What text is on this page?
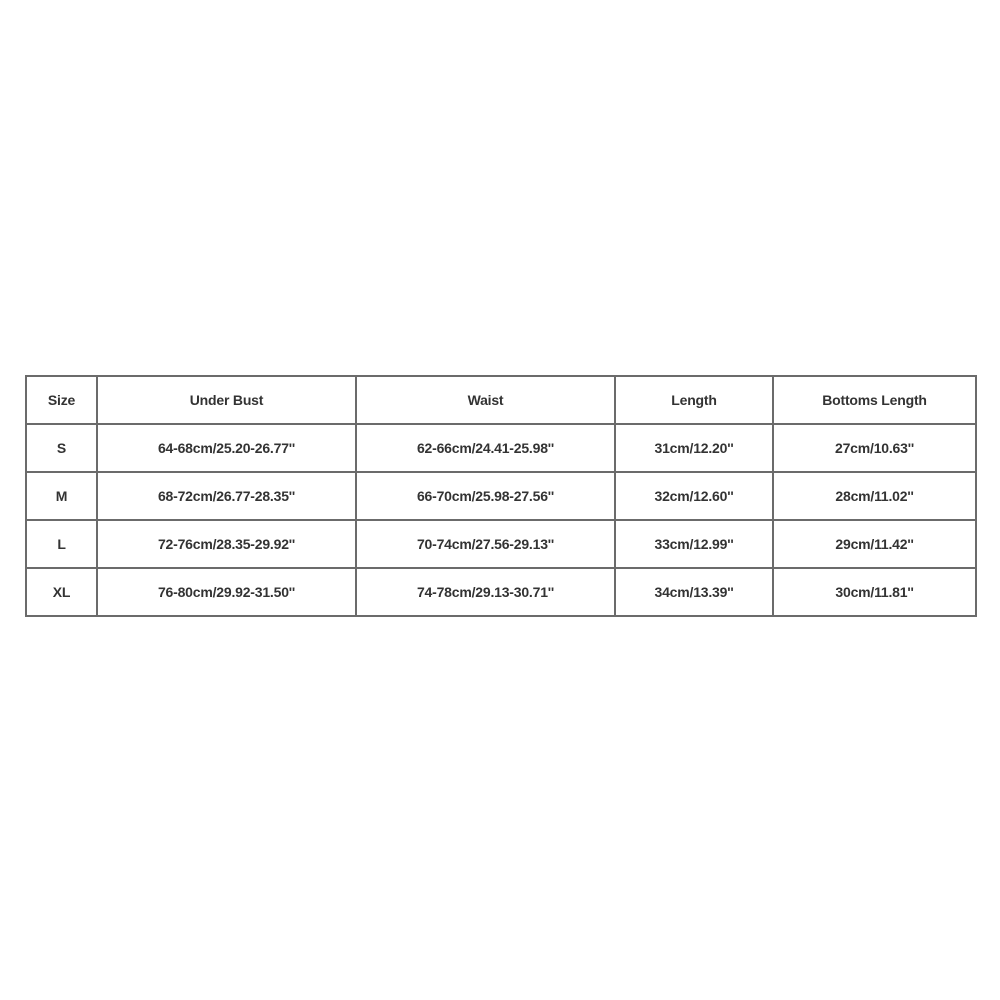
Size	Under Bust	Waist	Length	Bottoms Length
S	64-68cm/25.20-26.77''	62-66cm/24.41-25.98''	31cm/12.20''	27cm/10.63''
M	68-72cm/26.77-28.35''	66-70cm/25.98-27.56''	32cm/12.60''	28cm/11.02''
L	72-76cm/28.35-29.92''	70-74cm/27.56-29.13''	33cm/12.99''	29cm/11.42''
XL	76-80cm/29.92-31.50''	74-78cm/29.13-30.71''	34cm/13.39''	30cm/11.81''
